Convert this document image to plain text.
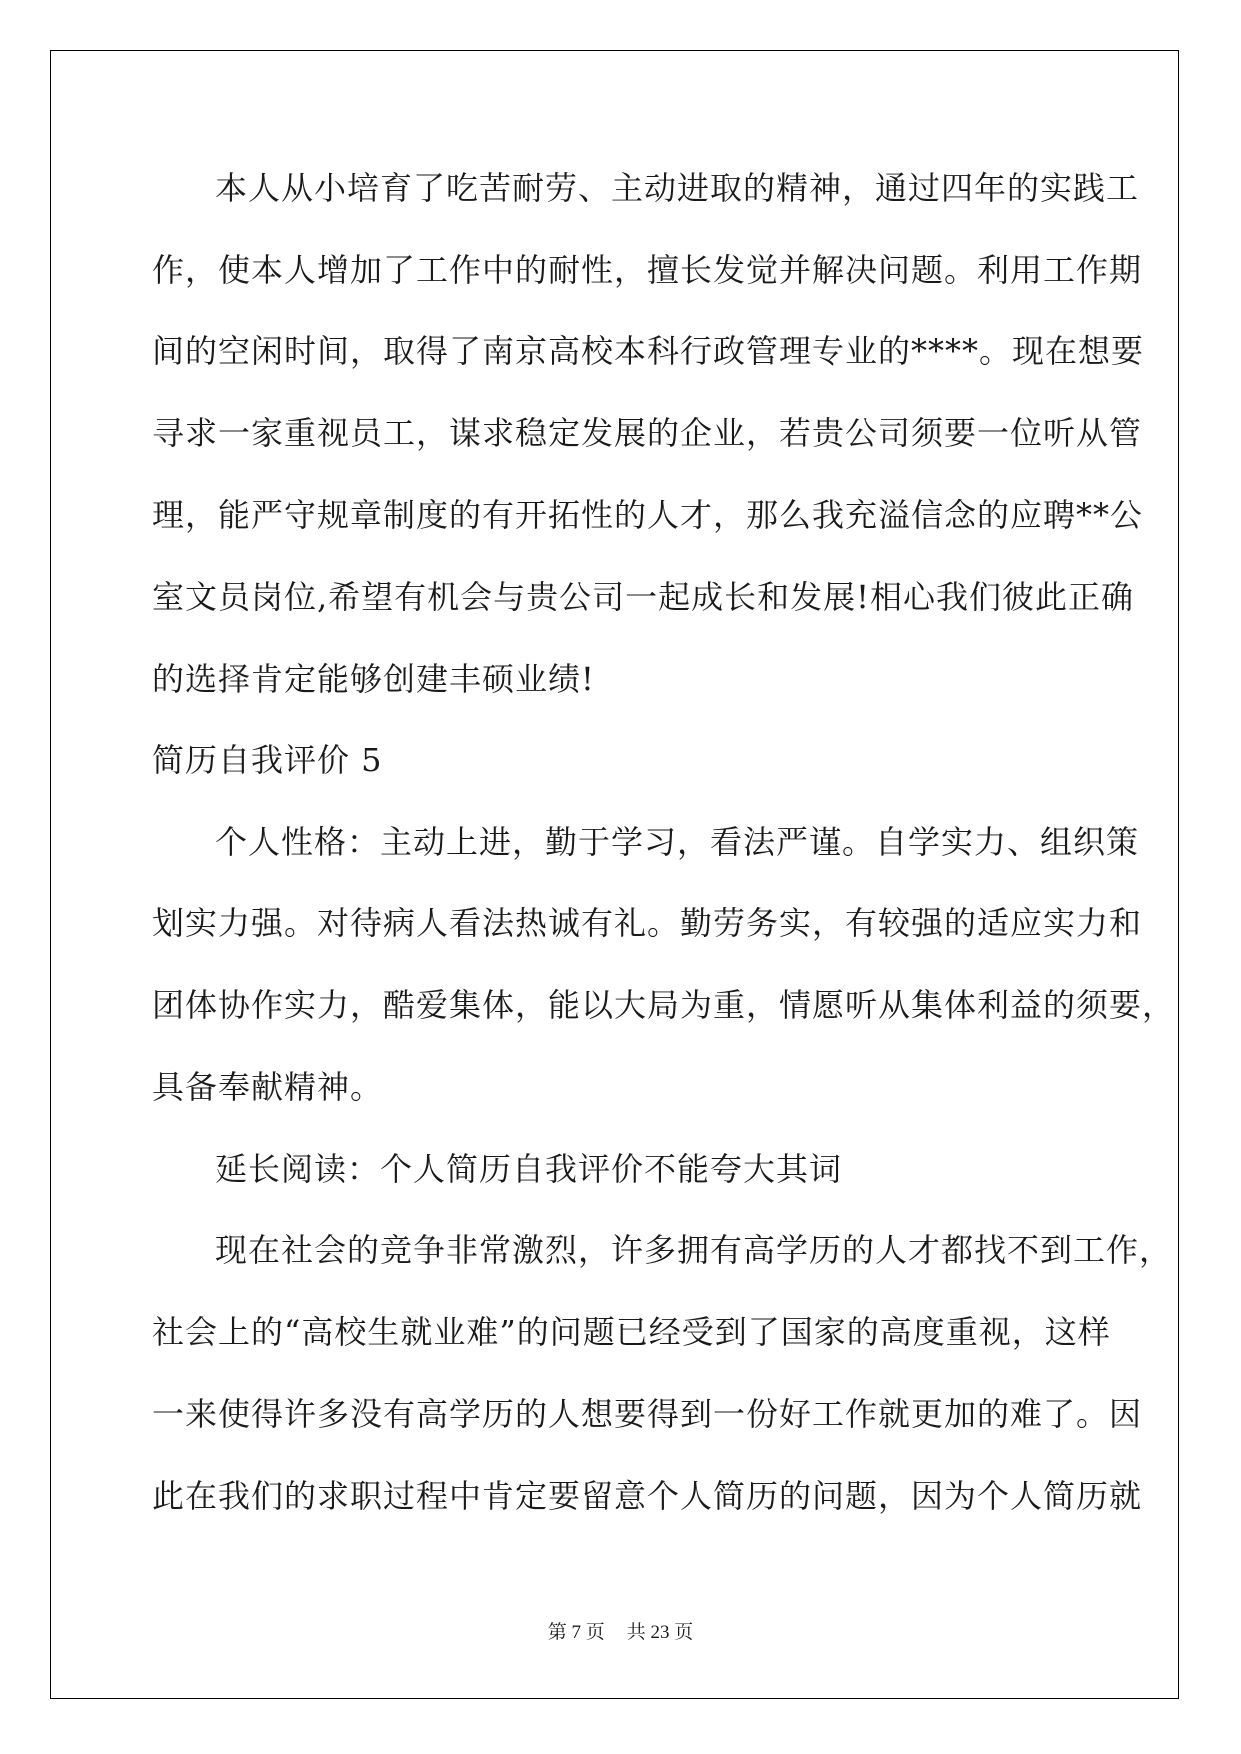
本人从小培育了吃苦耐劳、主动进取的精神，通过四年的实践工

作，使本人增加了工作中的耐性，擅长发觉并解决问题。利用工作期

间的空闲时间，取得了南京高校本科行政管理专业的****。现在想要

寻求一家重视员工，谋求稳定发展的企业，若贵公司须要一位听从管

理，能严守规章制度的有开拓性的人才，那么我充溢信念的应聘**公

室文员岗位,希望有机会与贵公司一起成长和发展!相心我们彼此正确

的选择肯定能够创建丰硕业绩!

简历自我评价 5

个人性格：主动上进，勤于学习，看法严谨。自学实力、组织策

划实力强。对待病人看法热诚有礼。勤劳务实，有较强的适应实力和

团体协作实力，酷爱集体，能以大局为重，情愿听从集体利益的须要，

具备奉献精神。

延长阅读：个人简历自我评价不能夸大其词

现在社会的竞争非常激烈，许多拥有高学历的人才都找不到工作，

社会上的“高校生就业难”的问题已经受到了国家的高度重视，这样

一来使得许多没有高学历的人想要得到一份好工作就更加的难了。因

此在我们的求职过程中肯定要留意个人简历的问题，因为个人简历就

第 7 页 共 23 页
